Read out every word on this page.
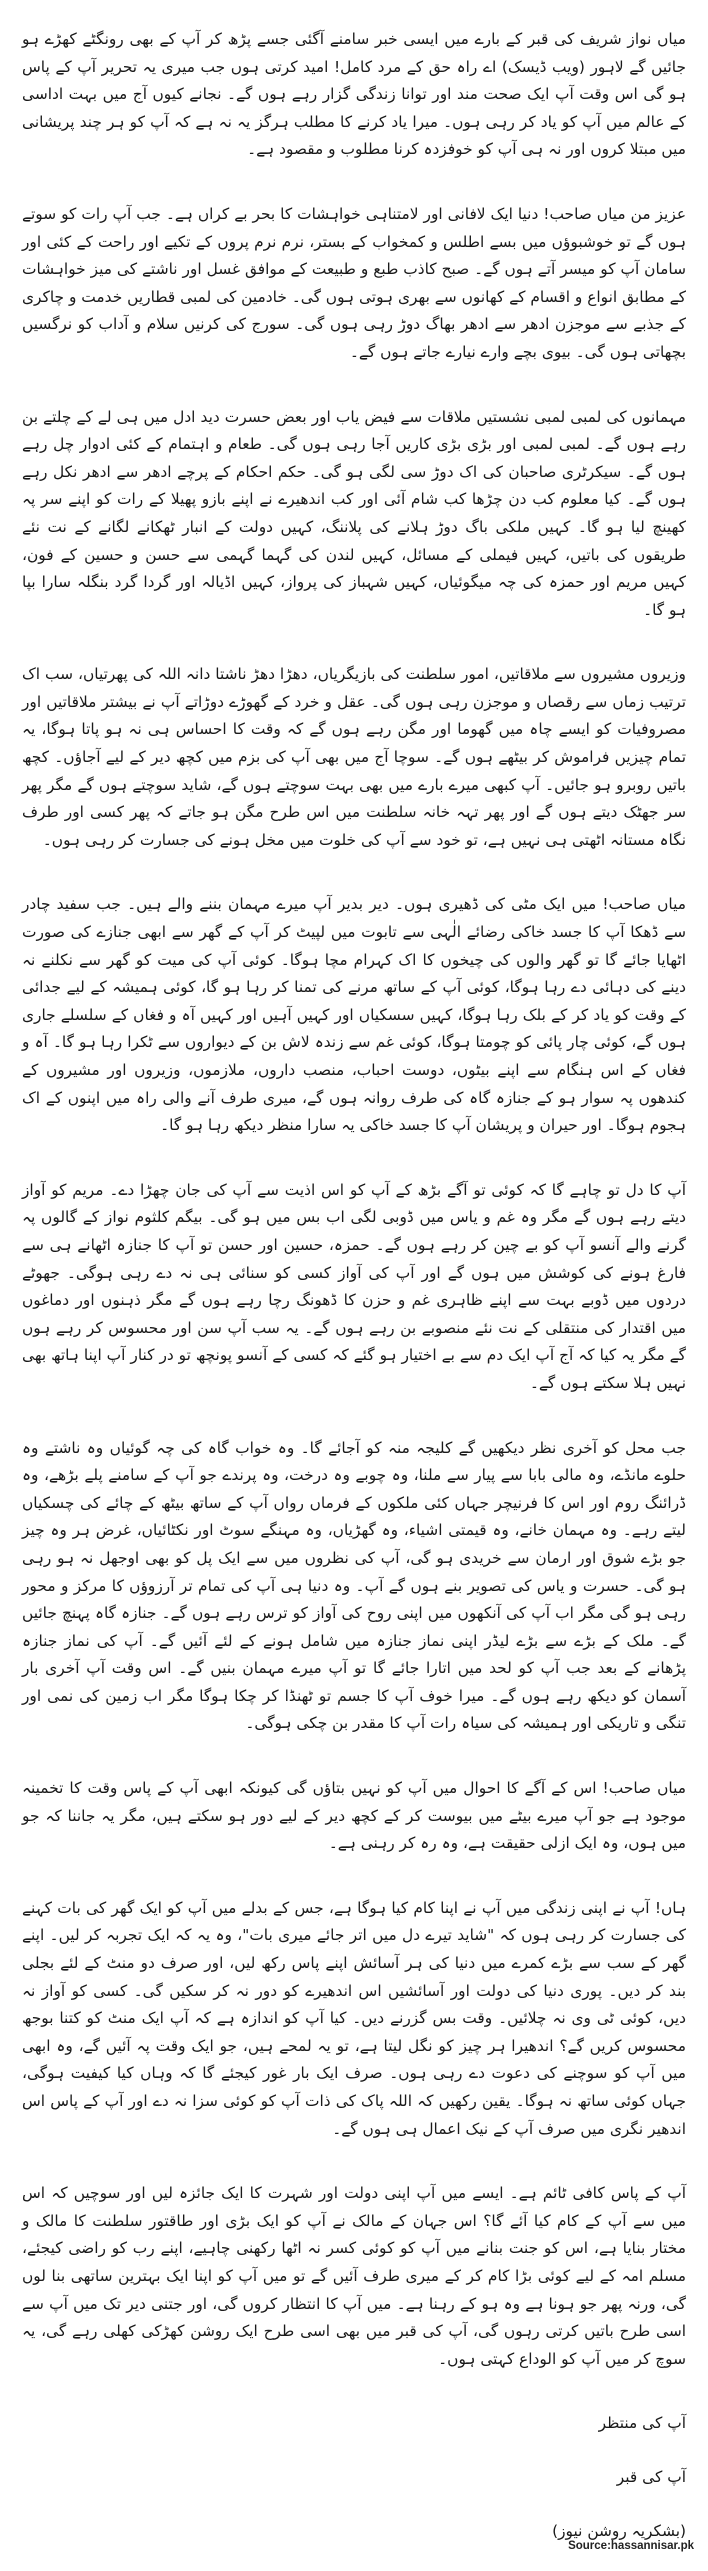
میاں نواز شریف کی قبر کے بارے میں ایسی خبر سامنے آگئی جسے پڑھ کر آپ کے بھی رونگٹے کھڑے ہو جائیں گے لاہور (ویب ڈیسک) اے راہ حق کے مرد کامل! امید کرتی ہوں جب میری یہ تحریر آپ کے پاس ہو گی اس وقت آپ ایک صحت مند اور توانا زندگی گزار رہے ہوں گے۔ نجانے کیوں آج میں بہت اداسی کے عالم میں آپ کو یاد کر رہی ہوں۔ میرا یاد کرنے کا مطلب ہرگز یہ نہ ہے کہ آپ کو ہر چند پریشانی میں مبتلا کروں اور نہ ہی آپ کو خوفزدہ کرنا مطلوب و مقصود ہے۔

عزیز من میاں صاحب! دنیا ایک لافانی اور لامتناہی خواہشات کا بحر بے کراں ہے۔ جب آپ رات کو سوتے ہوں گے تو خوشبوؤں میں بسے اطلس و کمخواب کے بستر، نرم نرم پروں کے تکیے اور راحت کے کئی اور سامان آپ کو میسر آتے ہوں گے۔ صبح کاذب طبع و طبیعت کے موافق غسل اور ناشتے کی میز خواہشات کے مطابق انواع و اقسام کے کھانوں سے بھری ہوتی ہوں گی۔ خادمین کی لمبی قطاریں خدمت و چاکری کے جذبے سے موجزن ادھر سے ادھر بھاگ دوڑ رہی ہوں گی۔ سورج کی کرنیں سلام و آداب کو نرگسیں بچھاتی ہوں گی۔ بیوی بچے وارے نیارے جاتے ہوں گے۔

مہمانوں کی لمبی لمبی نشستیں ملاقات سے فیض یاب اور بعض حسرت دید ادل میں ہی لے کے چلتے بن رہے ہوں گے۔ لمبی لمبی اور بڑی بڑی کاریں آجا رہی ہوں گی۔ طعام و اہتمام کے کئی ادوار چل رہے ہوں گے۔ سیکرٹری صاحبان کی اک دوڑ سی لگی ہو گی۔ حکم احکام کے پرچے ادھر سے ادھر نکل رہے ہوں گے۔ کیا معلوم کب دن چڑھا کب شام آئی اور کب اندھیرے نے اپنے بازو پھیلا کے رات کو اپنے سر پہ کھینچ لیا ہو گا۔ کہیں ملکی باگ دوڑ ہلانے کی پلاننگ، کہیں دولت کے انبار ٹھکانے لگانے کے نت نئے طریقوں کی باتیں، کہیں فیملی کے مسائل، کہیں لندن کی گہما گہمی سے حسن و حسین کے فون، کہیں مریم اور حمزہ کی چہ میگوئیاں، کہیں شہباز کی پرواز، کہیں اڈیالہ اور گردا گرد بنگلہ سارا بپا ہو گا۔

وزیروں مشیروں سے ملاقاتیں، امور سلطنت کی بازیگریاں، دھڑا دھڑ ناشتا دانہ اللہ کی پھرتیاں، سب اک ترتیب زماں سے رقصاں و موجزن رہی ہوں گی۔ عقل و خرد کے گھوڑے دوڑاتے آپ نے بیشتر ملاقاتیں اور مصروفیات کو ایسے چاہ میں گھوما اور مگن رہے ہوں گے کہ وقت کا احساس ہی نہ ہو پاتا ہوگا، یہ تمام چیزیں فراموش کر بیٹھے ہوں گے۔ سوچا آج میں بھی آپ کی بزم میں کچھ دیر کے لیے آجاؤں۔ کچھ باتیں روبرو ہو جائیں۔ آپ کبھی میرے بارے میں بھی بہت سوچتے ہوں گے، شاید سوچتے ہوں گے مگر پھر سر جھٹک دیتے ہوں گے اور پھر تہہ خانہ سلطنت میں اس طرح مگن ہو جاتے کہ پھر کسی اور طرف نگاہ مستانہ اٹھتی ہی نہیں ہے، تو خود سے آپ کی خلوت میں مخل ہونے کی جسارت کر رہی ہوں۔

میاں صاحب! میں ایک مٹی کی ڈھیری ہوں۔ دیر بدیر آپ میرے مہمان بننے والے ہیں۔ جب سفید چادر سے ڈھکا آپ کا جسد خاکی رضائے الٰہی سے تابوت میں لپیٹ کر آپ کے گھر سے ابھی جنازے کی صورت اٹھایا جائے گا تو گھر والوں کی چیخوں کا اک کہرام مچا ہوگا۔ کوئی آپ کی میت کو گھر سے نکلنے نہ دینے کی دہائی دے رہا ہوگا، کوئی آپ کے ساتھ مرنے کی تمنا کر رہا ہو گا، کوئی ہمیشہ کے لیے جدائی کے وقت کو یاد کر کے بلک رہا ہوگا، کہیں سسکیاں اور کہیں آہیں اور کہیں آہ و فغاں کے سلسلے جاری ہوں گے، کوئی چار پائی کو چومتا ہوگا، کوئی غم سے زندہ لاش بن کے دیواروں سے ٹکرا رہا ہو گا۔ آہ و فغاں کے اس ہنگام سے اپنے بیٹوں، دوست احباب، منصب داروں، ملازموں، وزیروں اور مشیروں کے کندھوں پہ سوار ہو کے جنازہ گاہ کی طرف روانہ ہوں گے، میری طرف آنے والی راہ میں اپنوں کے اک ہجوم ہوگا۔ اور حیران و پریشان آپ کا جسد خاکی یہ سارا منظر دیکھ رہا ہو گا۔

آپ کا دل تو چاہے گا کہ کوئی تو آگے بڑھ کے آپ کو اس اذیت سے آپ کی جان چھڑا دے۔ مریم کو آواز دیتے رہے ہوں گے مگر وہ غم و یاس میں ڈوبی لگی اب بس میں ہو گی۔ بیگم کلثوم نواز کے گالوں پہ گرنے والے آنسو آپ کو بے چین کر رہے ہوں گے۔ حمزہ، حسین اور حسن تو آپ کا جنازہ اٹھانے ہی سے فارغ ہونے کی کوشش میں ہوں گے اور آپ کی آواز کسی کو سنائی ہی نہ دے رہی ہوگی۔ جھوٹے دردوں میں ڈوبے بہت سے اپنے ظاہری غم و حزن کا ڈھونگ رچا رہے ہوں گے مگر ذہنوں اور دماغوں میں اقتدار کی منتقلی کے نت نئے منصوبے بن رہے ہوں گے۔ یہ سب آپ سن اور محسوس کر رہے ہوں گے مگر یہ کیا کہ آج آپ ایک دم سے بے اختیار ہو گئے کہ کسی کے آنسو پونچھ تو در کنار آپ اپنا ہاتھ بھی نہیں ہلا سکتے ہوں گے۔

جب محل کو آخری نظر دیکھیں گے کلیجہ منہ کو آجائے گا۔ وہ خواب گاہ کی چہ گوئیاں وہ ناشتے وہ حلوے مانڈے، وہ مالی بابا سے پیار سے ملنا، وہ چوبے وہ درخت، وہ پرندے جو آپ کے سامنے پلے بڑھے، وہ ڈرائنگ روم اور اس کا فرنیچر جہاں کئی ملکوں کے فرماں رواں آپ کے ساتھ بیٹھ کے چائے کی چسکیاں لیتے رہے۔ وہ مہمان خانے، وہ قیمتی اشیاء، وہ گھڑیاں، وہ مہنگے سوٹ اور نکٹائیاں، غرض ہر وہ چیز جو بڑے شوق اور ارمان سے خریدی ہو گی، آپ کی نظروں میں سے ایک پل کو بھی اوجھل نہ ہو رہی ہو گی۔ حسرت و یاس کی تصویر بنے ہوں گے آپ۔ وہ دنیا ہی آپ کی تمام تر آرزوؤں کا مرکز و محور رہی ہو گی مگر اب آپ کی آنکھوں میں اپنی روح کی آواز کو ترس رہے ہوں گے۔ جنازہ گاہ پہنچ جائیں گے۔ ملک کے بڑے سے بڑے لیڈر اپنی نماز جنازہ میں شامل ہونے کے لئے آئیں گے۔ آپ کی نماز جنازہ پڑھانے کے بعد جب آپ کو لحد میں اتارا جائے گا تو آپ میرے مہمان بنیں گے۔ اس وقت آپ آخری بار آسمان کو دیکھ رہے ہوں گے۔ میرا خوف آپ کا جسم تو ٹھنڈا کر چکا ہوگا مگر اب زمین کی نمی اور تنگی و تاریکی اور ہمیشہ کی سیاہ رات آپ کا مقدر بن چکی ہوگی۔

میاں صاحب! اس کے آگے کا احوال میں آپ کو نہیں بتاؤں گی کیونکہ ابھی آپ کے پاس وقت کا تخمینہ موجود ہے جو آپ میرے بیٹے میں بیوست کر کے کچھ دیر کے لیے دور ہو سکتے ہیں، مگر یہ جاننا کہ جو میں ہوں، وہ ایک ازلی حقیقت ہے، وہ رہ کر رہنی ہے۔

ہاں! آپ نے اپنی زندگی میں آپ نے اپنا کام کیا ہوگا ہے، جس کے بدلے میں آپ کو ایک گھر کی بات کہنے کی جسارت کر رہی ہوں کہ "شاید تیرے دل میں اتر جائے میری بات"، وہ یہ کہ ایک تجربہ کر لیں۔ اپنے گھر کے سب سے بڑے کمرے میں دنیا کی ہر آسائش اپنے پاس رکھ لیں، اور صرف دو منٹ کے لئے بجلی بند کر دیں۔ پوری دنیا کی دولت اور آسائشیں اس اندھیرے کو دور نہ کر سکیں گی۔ کسی کو آواز نہ دیں، کوئی ٹی وی نہ چلائیں۔ وقت بس گزرنے دیں۔ کیا آپ کو اندازہ ہے کہ آپ ایک منٹ کو کتنا بوجھ محسوس کریں گے؟ اندھیرا ہر چیز کو نگل لیتا ہے، تو یہ لمحے ہیں، جو ایک وقت پہ آئیں گے، وہ ابھی میں آپ کو سوچنے کی دعوت دے رہی ہوں۔ صرف ایک بار غور کیجئے گا کہ وہاں کیا کیفیت ہوگی، جہاں کوئی ساتھ نہ ہوگا۔ یقین رکھیں کہ اللہ پاک کی ذات آپ کو کوئی سزا نہ دے اور آپ کے پاس اس اندھیر نگری میں صرف آپ کے نیک اعمال ہی ہوں گے۔

آپ کے پاس کافی ٹائم ہے۔ ایسے میں آپ اپنی دولت اور شہرت کا ایک جائزہ لیں اور سوچیں کہ اس میں سے آپ کے کام کیا آئے گا؟ اس جہان کے مالک نے آپ کو ایک بڑی اور طاقتور سلطنت کا مالک و مختار بنایا ہے، اس کو جنت بنانے میں آپ کو کوئی کسر نہ اٹھا رکھنی چاہیے، اپنے رب کو راضی کیجئے، مسلم امہ کے لیے کوئی بڑا کام کر کے میری طرف آئیں گے تو میں آپ کو اپنا ایک بہترین ساتھی بنا لوں گی، ورنہ پھر جو ہونا ہے وہ ہو کے رہنا ہے۔ میں آپ کا انتظار کروں گی، اور جتنی دیر تک میں آپ سے اسی طرح باتیں کرتی رہوں گی، آپ کی قبر میں بھی اسی طرح ایک روشن کھڑکی کھلی رہے گی، یہ سوچ کر میں آپ کو الوداع کہتی ہوں۔

آپ کی منتظر

آپ کی قبر

(بشکریہ روشن نیوز)

Source:hassannisar.pk
